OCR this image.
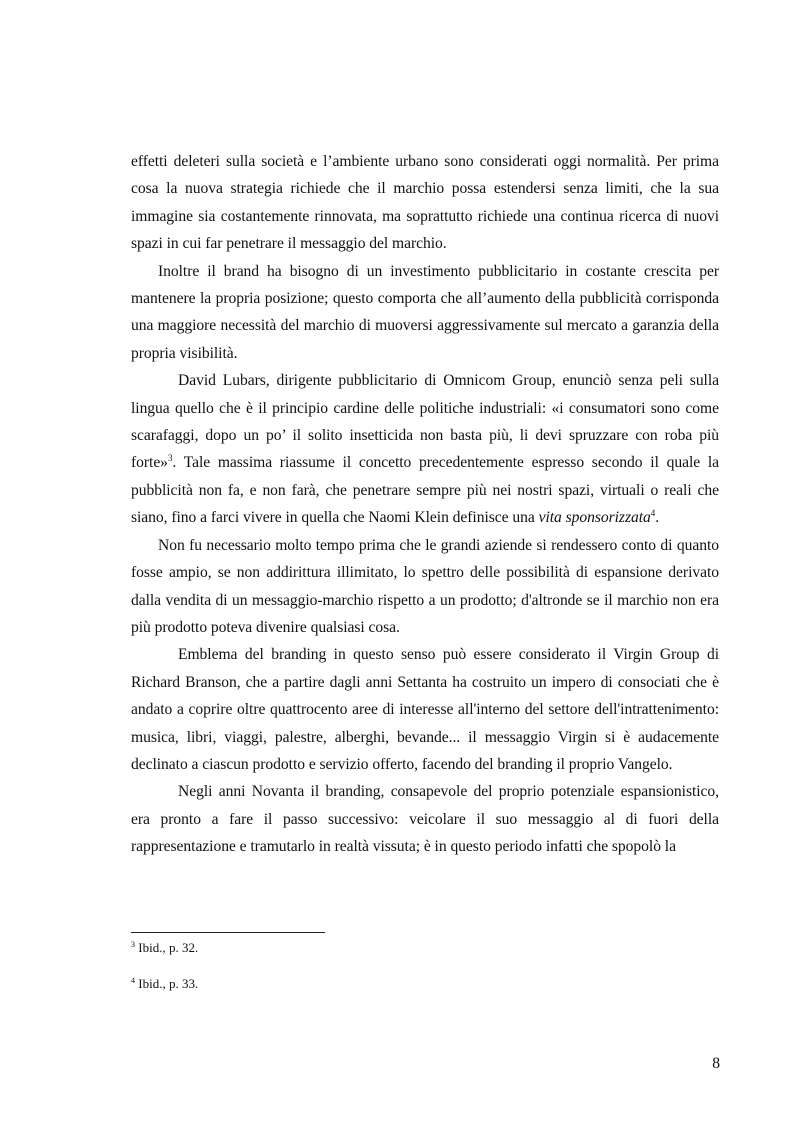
effetti deleteri sulla società e l’ambiente urbano sono considerati oggi normalità. Per prima cosa la nuova strategia richiede che il marchio possa estendersi senza limiti, che la sua immagine sia costantemente rinnovata, ma soprattutto richiede una continua ricerca di nuovi spazi in cui far penetrare il messaggio del marchio.

Inoltre il brand ha bisogno di un investimento pubblicitario in costante crescita per mantenere la propria posizione; questo comporta che all’aumento della pubblicità corrisponda una maggiore necessità del marchio di muoversi aggressivamente sul mercato a garanzia della propria visibilità.

David Lubars, dirigente pubblicitario di Omnicom Group, enunciò senza peli sulla lingua quello che è il principio cardine delle politiche industriali: «i consumatori sono come scarafaggi, dopo un po’ il solito insetticida non basta più, li devi spruzzare con roba più forte»$^3$. Tale massima riassume il concetto precedentemente espresso secondo il quale la pubblicità non fa, e non farà, che penetrare sempre più nei nostri spazi, virtuali o reali che siano, fino a farci vivere in quella che Naomi Klein definisce una vita sponsorizzata$^4$.

Non fu necessario molto tempo prima che le grandi aziende si rendessero conto di quanto fosse ampio, se non addirittura illimitato, lo spettro delle possibilità di espansione derivato dalla vendita di un messaggio-marchio rispetto a un prodotto; d'altronde se il marchio non era più prodotto poteva divenire qualsiasi cosa.

Emblema del branding in questo senso può essere considerato il Virgin Group di Richard Branson, che a partire dagli anni Settanta ha costruito un impero di consociati che è andato a coprire oltre quattrocento aree di interesse all'interno del settore dell'intrattenimento: musica, libri, viaggi, palestre, alberghi, bevande... il messaggio Virgin si è audacemente declinato a ciascun prodotto e servizio offerto, facendo del branding il proprio Vangelo.

Negli anni Novanta il branding, consapevole del proprio potenziale espansionistico, era pronto a fare il passo successivo: veicolare il suo messaggio al di fuori della rappresentazione e tramutarlo in realtà vissuta; è in questo periodo infatti che spopolò la

$^3$ Ibid., p. 32.
$^4$ Ibid., p. 33.
8
